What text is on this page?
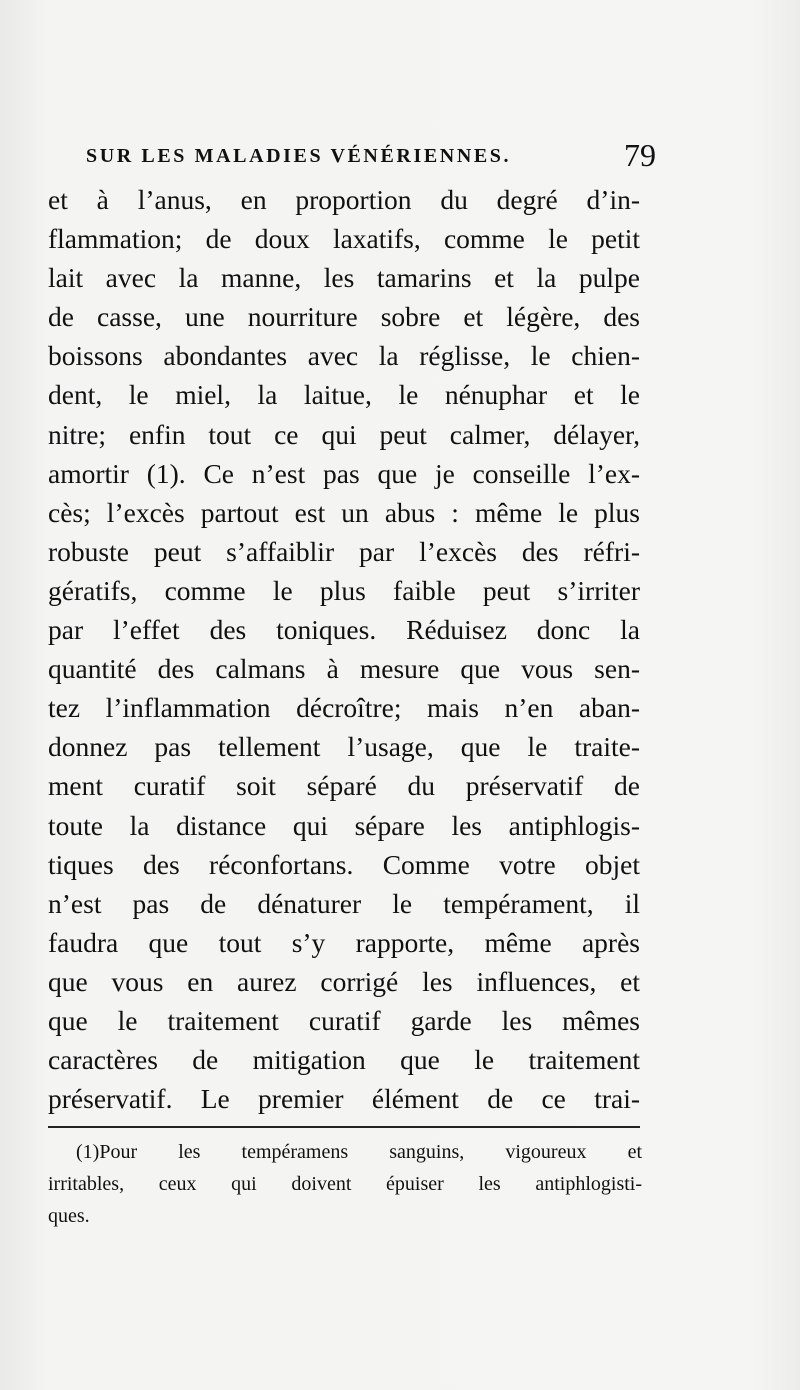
SUR LES MALADIES VÉNÉRIENNES.	79
et à l’anus, en proportion du degré d’in-
flammation; de doux laxatifs, comme le petit
lait avec la manne, les tamarins et la pulpe
de casse, une nourriture sobre et légère, des
boissons abondantes avec la réglisse, le chien-
dent, le miel, la laitue, le nénuphar et le
nitre; enfin tout ce qui peut calmer, délayer,
amortir (1). Ce n’est pas que je conseille l’ex-
cès; l’excès partout est un abus : même le plus
robuste peut s’affaiblir par l’excès des réfri-
gératifs, comme le plus faible peut s’irriter
par l’effet des toniques. Réduisez donc la
quantité des calmans à mesure que vous sen-
tez l’inflammation décroître; mais n’en aban-
donnez pas tellement l’usage, que le traite-
ment curatif soit séparé du préservatif de
toute la distance qui sépare les antiphlogis-
tiques des réconfortans. Comme votre objet
n’est pas de dénaturer le tempérament, il
faudra que tout s’y rapporte, même après
que vous en aurez corrigé les influences, et
que le traitement curatif garde les mêmes
caractères de mitigation que le traitement
préservatif. Le premier élément de ce trai-
(1)Pour les tempéramens sanguins, vigoureux et
irritables, ceux qui doivent épuiser les antiphlogisti-
ques.
